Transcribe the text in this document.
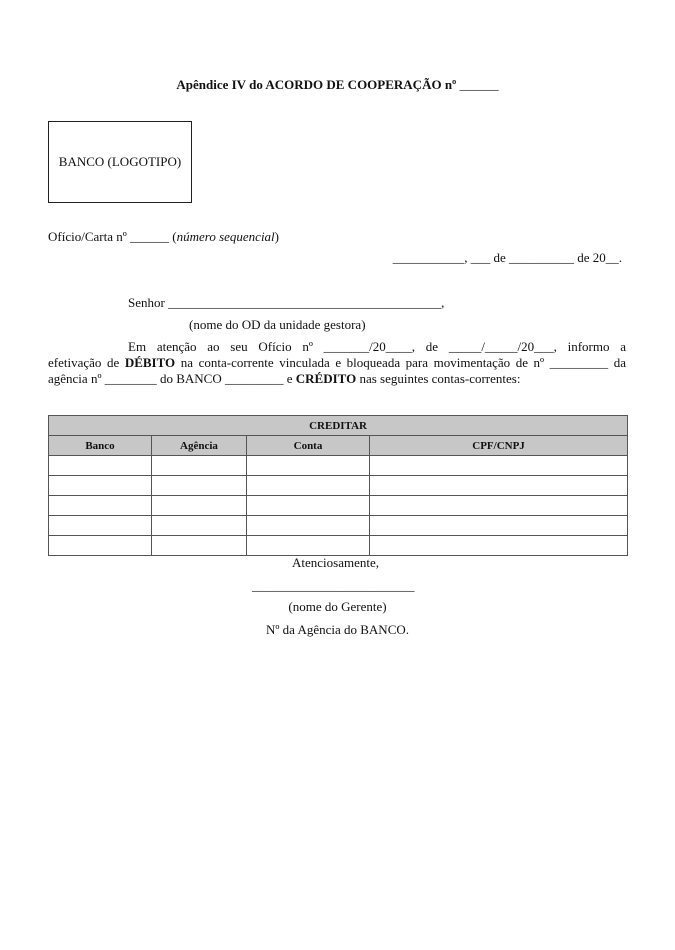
Apêndice IV do ACORDO DE COOPERAÇÃO nº ______
BANCO (LOGOTIPO)
Ofício/Carta nº ______ (número sequencial)
___________, ___ de __________ de 20__.
Senhor __________________________________________,
(nome do OD da unidade gestora)
Em atenção ao seu Ofício nº _______/20____, de _____/_____/20___, informo a
efetivação de DÉBITO na conta-corrente vinculada e bloqueada para movimentação de nº _________ da
agência nº ________ do BANCO _________ e CRÉDITO nas seguintes contas-correntes:
CREDITAR			
Banco	Agência	Conta	CPF/CNPJ

Atenciosamente,
_________________________
(nome do Gerente)
Nº da Agência do BANCO.
